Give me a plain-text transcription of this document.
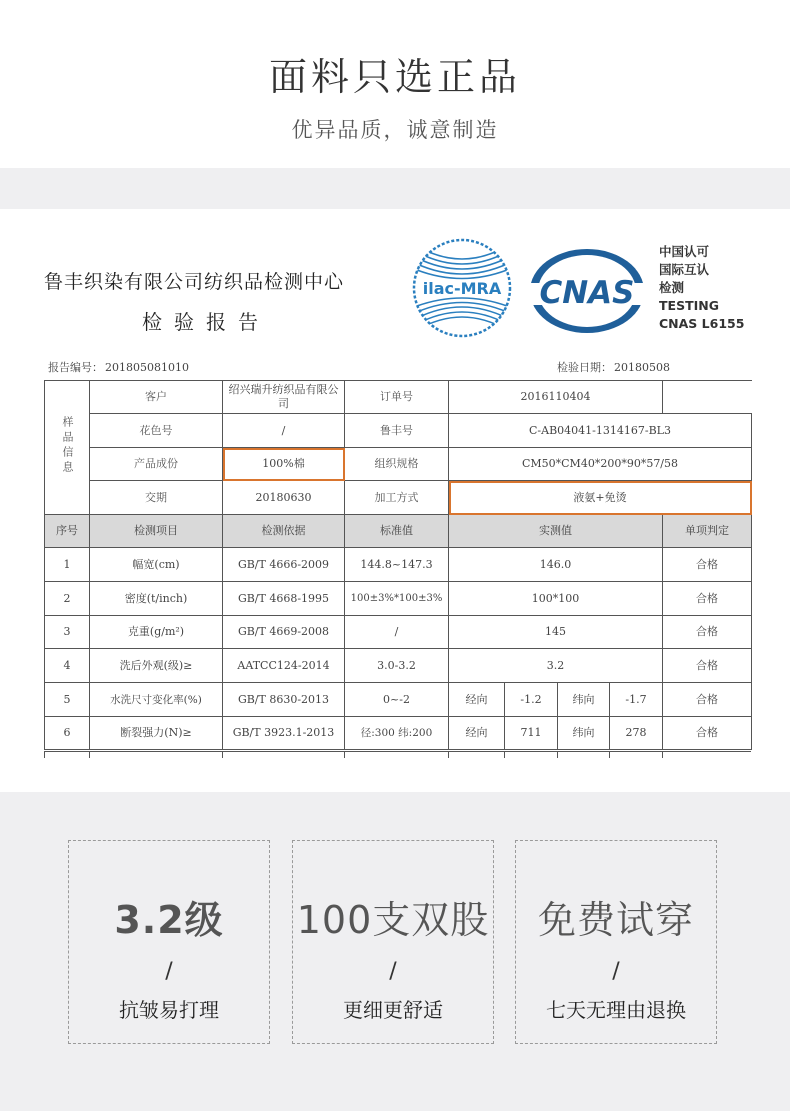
面料只选正品
优异品质，诚意制造
鲁丰织染有限公司纺织品检测中心
检验报告
ilac-MRA CNAS
中国认可
国际互认
检测
TESTING
CNAS L6155
报告编号： 201805081010	检验日期： 20180508
样品信息	客户	绍兴瑞升纺织品有限公司	订单号	2016110404				
	花色号	/	鲁丰号	C-AB04041-1314167-BL3				
	产品成份	100%棉	组织规格	CM50*CM40*200*90*57/58				
	交期	20180630	加工方式	液氨+免烫				
序号	检测项目	检测依据	标准值	实测值				单项判定
1	幅宽(cm)	GB/T 4666-2009	144.8~147.3	146.0				合格
2	密度(t/inch)	GB/T 4668-1995	100±3%*100±3%	100*100				合格
3	克重(g/m²)	GB/T 4669-2008	/	145				合格
4	洗后外观(级)≥	AATCC124-2014	3.0-3.2	3.2				合格
5	水洗尺寸变化率(%)	GB/T 8630-2013	0~-2	经向	-1.2	纬向	-1.7	合格
6	断裂强力(N)≥	GB/T 3923.1-2013	径:300 纬:200	经向	711	纬向	278	合格

3.2级
/
抗皱易打理
100支双股
/
更细更舒适
免费试穿
/
七天无理由退换
